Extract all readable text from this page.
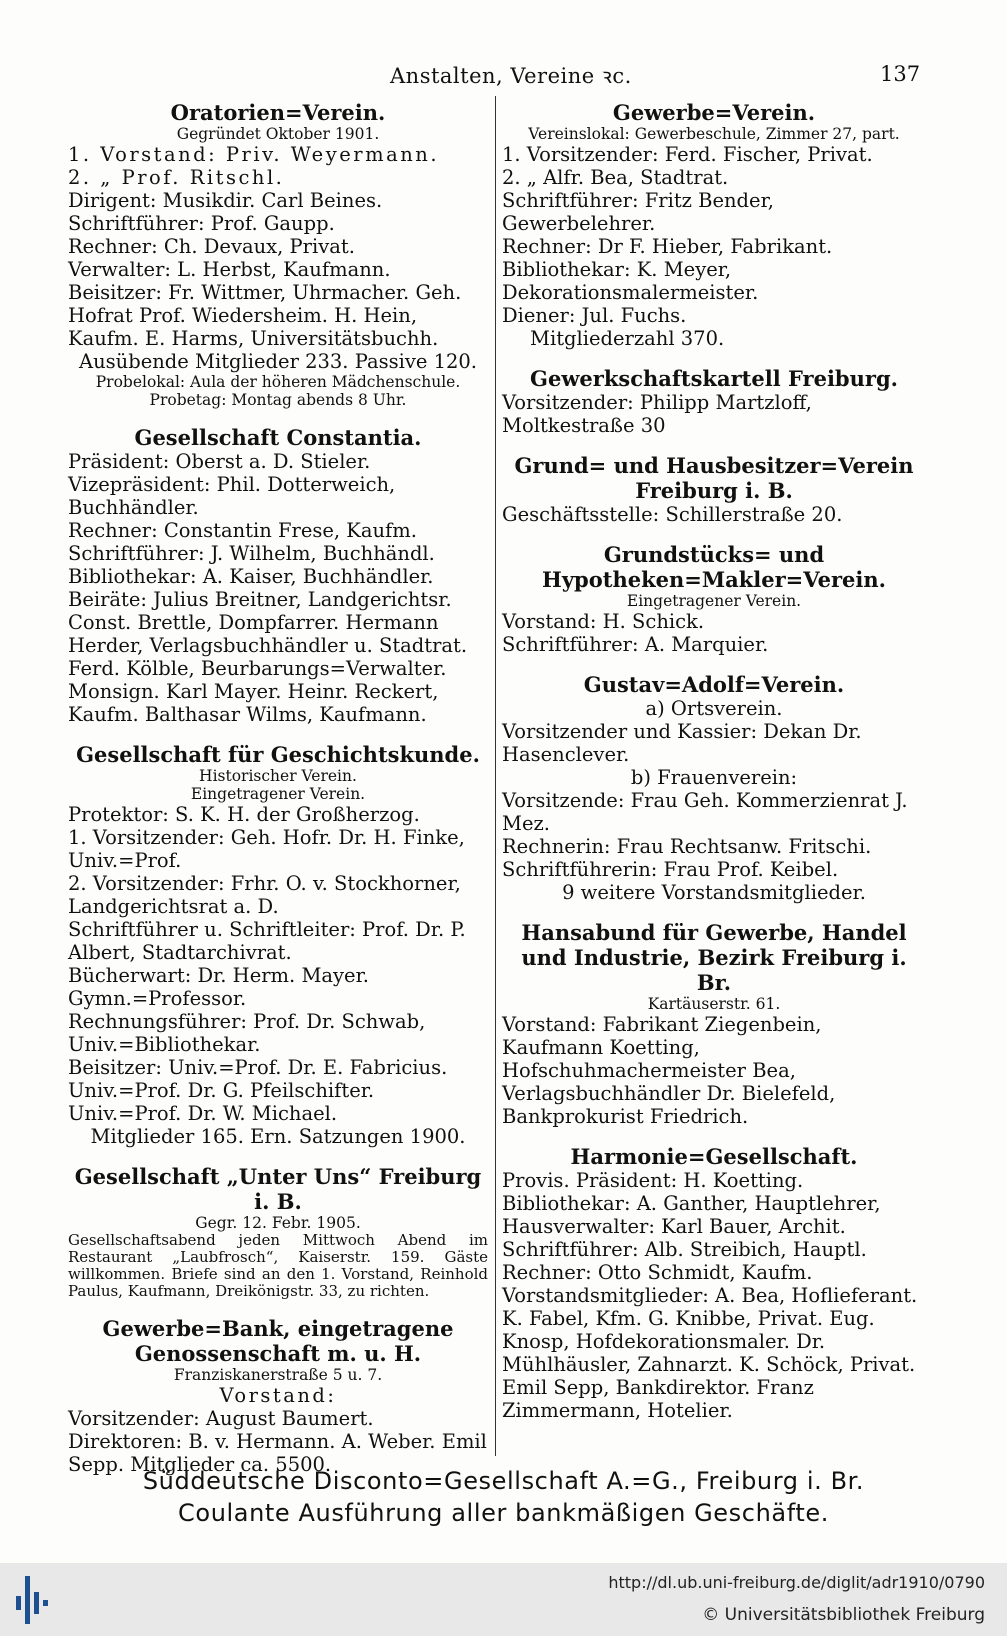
Anstalten, Vereine ꝛc.	137
Oratorien=Verein.
Gegründet Oktober 1901.
1. Vorstand: Priv. Weyermann.
2. „ Prof. Ritschl.
Dirigent: Musikdir. Carl Beines.
Schriftführer: Prof. Gaupp.
Rechner: Ch. Devaux, Privat.
Verwalter: L. Herbst, Kaufmann.
Beisitzer: Fr. Wittmer, Uhrmacher. Geh. Hofrat Prof. Wiedersheim. H. Hein, Kaufm. E. Harms, Universitätsbuchh.
Ausübende Mitglieder 233. Passive 120.
Probelokal: Aula der höheren Mädchenschule.
Probetag: Montag abends 8 Uhr.
Gesellschaft Constantia.
Präsident: Oberst a. D. Stieler.
Vizepräsident: Phil. Dotterweich, Buchhändler.
Rechner: Constantin Frese, Kaufm.
Schriftführer: J. Wilhelm, Buchhändl.
Bibliothekar: A. Kaiser, Buchhändler.
Beiräte: Julius Breitner, Landgerichtsr. Const. Brettle, Dompfarrer. Hermann Herder, Verlagsbuchhändler u. Stadtrat. Ferd. Kölble, Beurbarungs=Verwalter. Monsign. Karl Mayer. Heinr. Reckert, Kaufm. Balthasar Wilms, Kaufmann.
Gesellschaft für Geschichtskunde.
Historischer Verein.
Eingetragener Verein.
Protektor: S. K. H. der Großherzog.
1. Vorsitzender: Geh. Hofr. Dr. H. Finke, Univ.=Prof.
2. Vorsitzender: Frhr. O. v. Stockhorner, Landgerichtsrat a. D.
Schriftführer u. Schriftleiter: Prof. Dr. P. Albert, Stadtarchivrat.
Bücherwart: Dr. Herm. Mayer. Gymn.=Professor.
Rechnungsführer: Prof. Dr. Schwab, Univ.=Bibliothekar.
Beisitzer: Univ.=Prof. Dr. E. Fabricius. Univ.=Prof. Dr. G. Pfeilschifter. Univ.=Prof. Dr. W. Michael.
Mitglieder 165. Ern. Satzungen 1900.
Gesellschaft „Unter Uns“ Freiburg i. B.
Gegr. 12. Febr. 1905.
Gesellschaftsabend jeden Mittwoch Abend im Restaurant „Laubfrosch“, Kaiserstr. 159. Gäste willkommen. Briefe sind an den 1. Vorstand, Reinhold Paulus, Kaufmann, Dreikönigstr. 33, zu richten.
Gewerbe=Bank, eingetragene Genossenschaft m. u. H.
Franziskanerstraße 5 u. 7.
Vorstand:
Vorsitzender: August Baumert.
Direktoren: B. v. Hermann. A. Weber. Emil Sepp. Mitglieder ca. 5500.
Gewerbe=Verein.
Vereinslokal: Gewerbeschule, Zimmer 27, part.
1. Vorsitzender: Ferd. Fischer, Privat.
2. „ Alfr. Bea, Stadtrat.
Schriftführer: Fritz Bender, Gewerbelehrer.
Rechner: Dr F. Hieber, Fabrikant.
Bibliothekar: K. Meyer, Dekorationsmalermeister.
Diener: Jul. Fuchs.
Mitgliederzahl 370.
Gewerkschaftskartell Freiburg.
Vorsitzender: Philipp Martzloff, Moltkestraße 30
Grund= und Hausbesitzer=Verein Freiburg i. B.
Geschäftsstelle: Schillerstraße 20.
Grundstücks= und Hypotheken=Makler=Verein.
Eingetragener Verein.
Vorstand: H. Schick.
Schriftführer: A. Marquier.
Gustav=Adolf=Verein.
a) Ortsverein.
Vorsitzender und Kassier: Dekan Dr. Hasenclever.
b) Frauenverein:
Vorsitzende: Frau Geh. Kommerzienrat J. Mez.
Rechnerin: Frau Rechtsanw. Fritschi.
Schriftführerin: Frau Prof. Keibel.
9 weitere Vorstandsmitglieder.
Hansabund für Gewerbe, Handel und Industrie, Bezirk Freiburg i. Br.
Kartäuserstr. 61.
Vorstand: Fabrikant Ziegenbein, Kaufmann Koetting, Hofschuhmachermeister Bea, Verlagsbuchhändler Dr. Bielefeld, Bankprokurist Friedrich.
Harmonie=Gesellschaft.
Provis. Präsident: H. Koetting.
Bibliothekar: A. Ganther, Hauptlehrer,
Hausverwalter: Karl Bauer, Archit.
Schriftführer: Alb. Streibich, Hauptl.
Rechner: Otto Schmidt, Kaufm.
Vorstandsmitglieder: A. Bea, Hoflieferant. K. Fabel, Kfm. G. Knibbe, Privat. Eug. Knosp, Hofdekorationsmaler. Dr. Mühlhäusler, Zahnarzt. K. Schöck, Privat. Emil Sepp, Bankdirektor. Franz Zimmermann, Hotelier.
Süddeutsche Disconto=Gesellschaft A.=G., Freiburg i. Br.
Coulante Ausführung aller bankmäßigen Geschäfte.
http://dl.ub.uni-freiburg.de/diglit/adr1910/0790
© Universitätsbibliothek Freiburg
